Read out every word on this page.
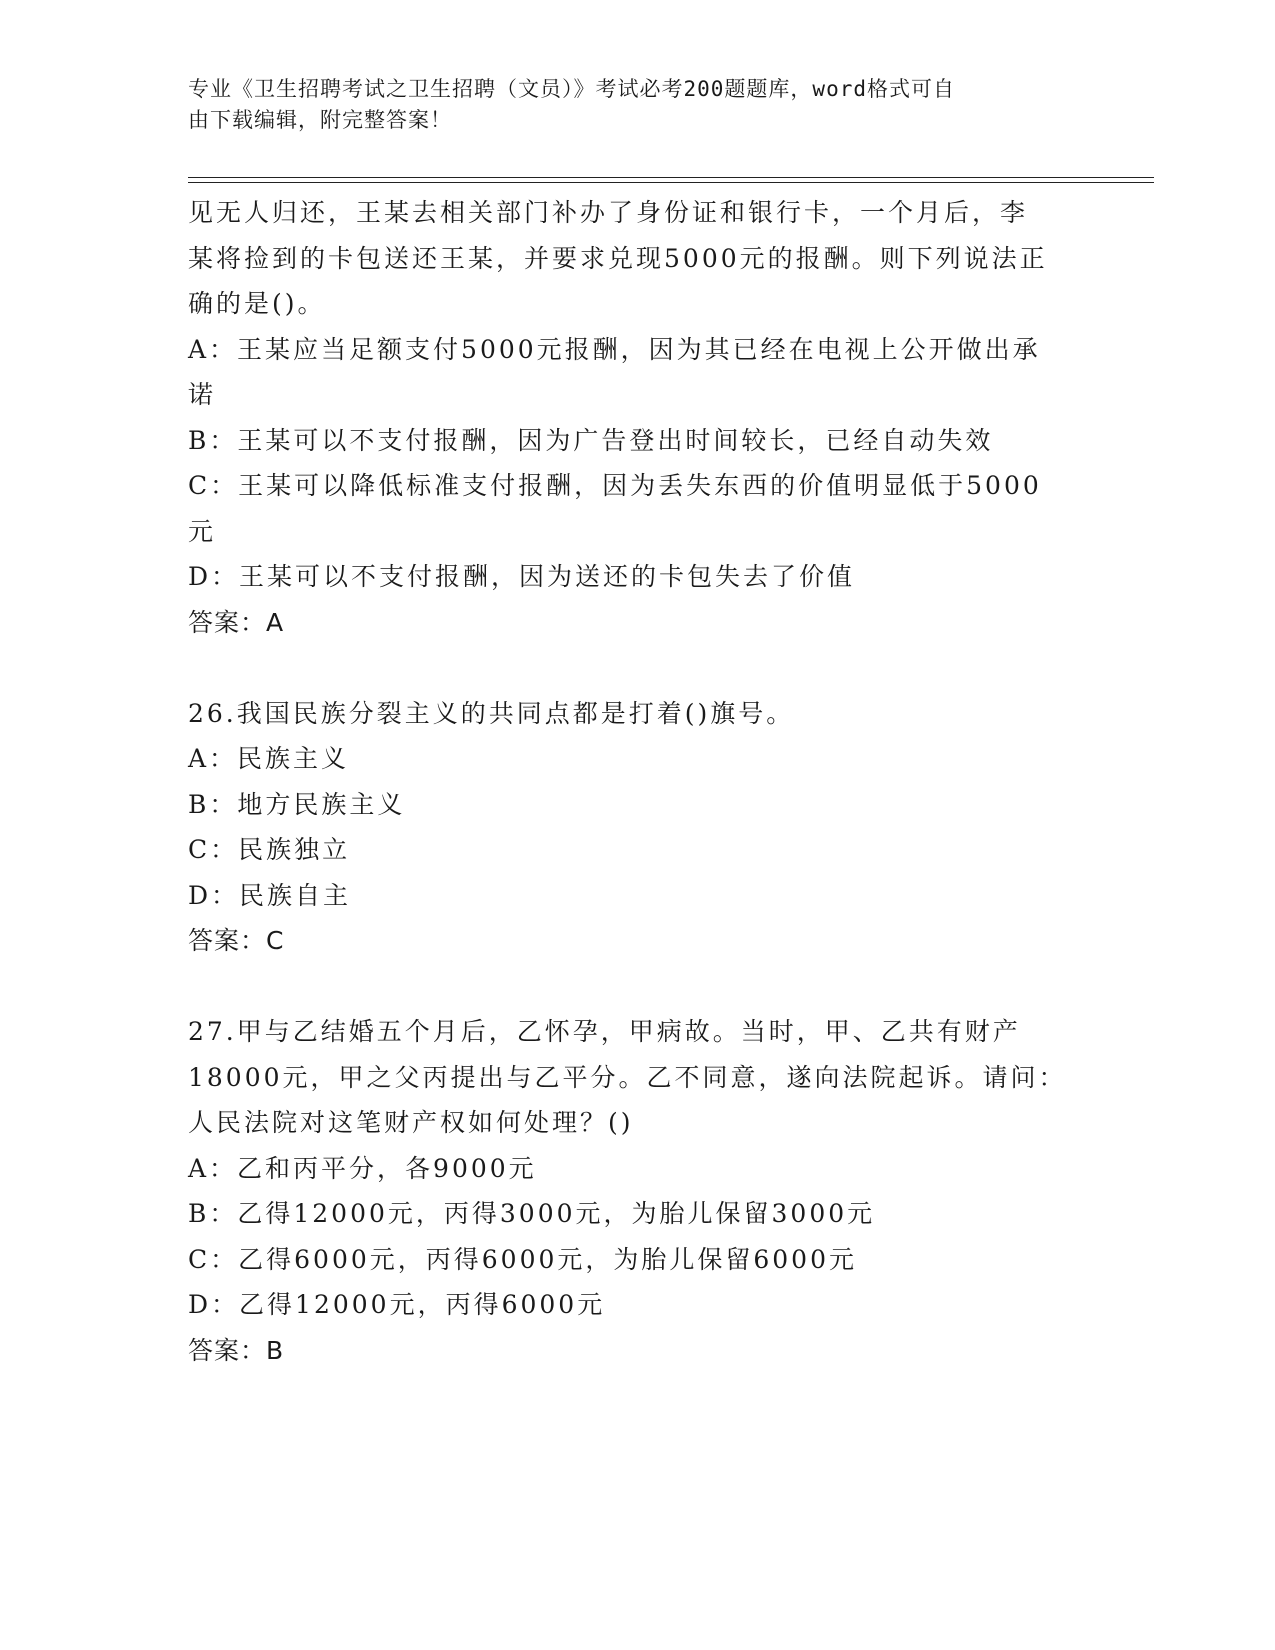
专业《卫生招聘考试之卫生招聘（文员）》考试必考200题题库，word格式可自
由下载编辑，附完整答案！
见无人归还，王某去相关部门补办了身份证和银行卡，一个月后，李
某将捡到的卡包送还王某，并要求兑现5000元的报酬。则下列说法正
确的是()。
A：王某应当足额支付5000元报酬，因为其已经在电视上公开做出承
诺
B：王某可以不支付报酬，因为广告登出时间较长，已经自动失效
C：王某可以降低标准支付报酬，因为丢失东西的价值明显低于5000
元
D：王某可以不支付报酬，因为送还的卡包失去了价值
答案：A
26.我国民族分裂主义的共同点都是打着()旗号。
A：民族主义
B：地方民族主义
C：民族独立
D：民族自主
答案：C
27.甲与乙结婚五个月后，乙怀孕，甲病故。当时，甲、乙共有财产
18000元，甲之父丙提出与乙平分。乙不同意，遂向法院起诉。请问：
人民法院对这笔财产权如何处理？()
A：乙和丙平分，各9000元
B：乙得12000元，丙得3000元，为胎儿保留3000元
C：乙得6000元，丙得6000元，为胎儿保留6000元
D：乙得12000元，丙得6000元
答案：B
